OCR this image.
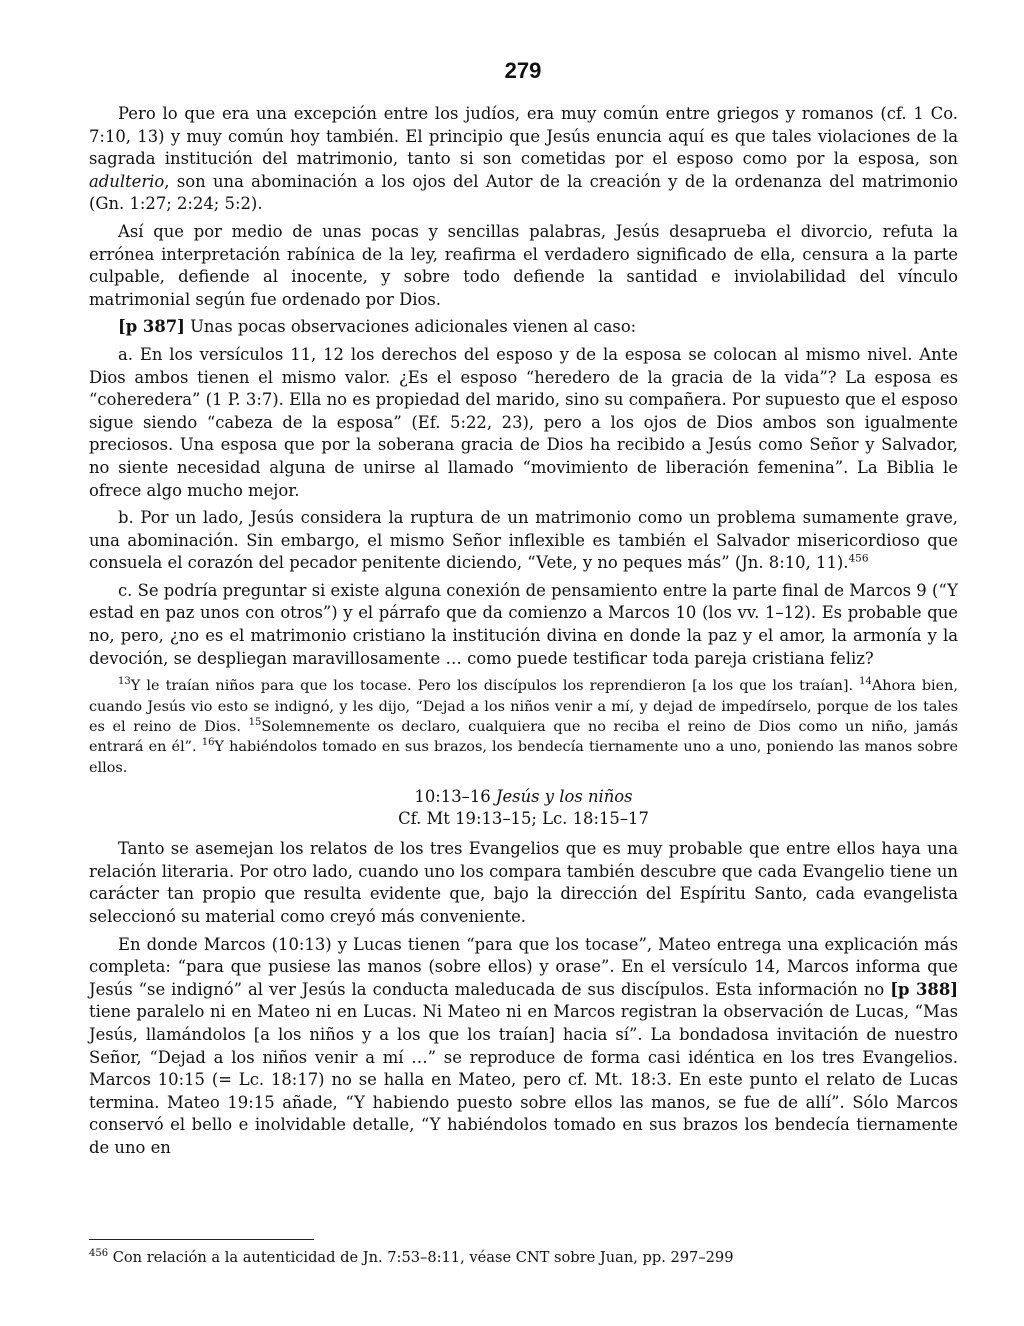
279

Pero lo que era una excepción entre los judíos, era muy común entre griegos y romanos (cf. 1 Co. 7:10, 13) y muy común hoy también. El principio que Jesús enuncia aquí es que tales violaciones de la sagrada institución del matrimonio, tanto si son cometidas por el esposo como por la esposa, son adulterio, son una abominación a los ojos del Autor de la creación y de la ordenanza del matrimonio (Gn. 1:27; 2:24; 5:2).

Así que por medio de unas pocas y sencillas palabras, Jesús desaprueba el divorcio, refuta la errónea interpretación rabínica de la ley, reafirma el verdadero significado de ella, censura a la parte culpable, defiende al inocente, y sobre todo defiende la santidad e inviolabilidad del vínculo matrimonial según fue ordenado por Dios.

[p 387] Unas pocas observaciones adicionales vienen al caso:

a. En los versículos 11, 12 los derechos del esposo y de la esposa se colocan al mismo nivel. Ante Dios ambos tienen el mismo valor. ¿Es el esposo “heredero de la gracia de la vida”? La esposa es “coheredera” (1 P. 3:7). Ella no es propiedad del marido, sino su compañera. Por supuesto que el esposo sigue siendo “cabeza de la esposa” (Ef. 5:22, 23), pero a los ojos de Dios ambos son igualmente preciosos. Una esposa que por la soberana gracia de Dios ha recibido a Jesús como Señor y Salvador, no siente necesidad alguna de unirse al llamado “movimiento de liberación femenina”. La Biblia le ofrece algo mucho mejor.

b. Por un lado, Jesús considera la ruptura de un matrimonio como un problema sumamente grave, una abominación. Sin embargo, el mismo Señor inflexible es también el Salvador misericordioso que consuela el corazón del pecador penitente diciendo, “Vete, y no peques más” (Jn. 8:10, 11).$^{456}$

c. Se podría preguntar si existe alguna conexión de pensamiento entre la parte final de Marcos 9 (“Y estad en paz unos con otros”) y el párrafo que da comienzo a Marcos 10 (los vv. 1–12). Es probable que no, pero, ¿no es el matrimonio cristiano la institución divina en donde la paz y el amor, la armonía y la devoción, se despliegan maravillosamente … como puede testificar toda pareja cristiana feliz?

$^{13}$Y le traían niños para que los tocase. Pero los discípulos los reprendieron [a los que los traían]. $^{14}$Ahora bien, cuando Jesús vio esto se indignó, y les dijo, “Dejad a los niños venir a mí, y dejad de impedírselo, porque de los tales es el reino de Dios. $^{15}$Solemnemente os declaro, cualquiera que no reciba el reino de Dios como un niño, jamás entrará en él”. $^{16}$Y habiéndolos tomado en sus brazos, los bendecía tiernamente uno a uno, poniendo las manos sobre ellos.

10:13–16 Jesús y los niños
Cf. Mt 19:13–15; Lc. 18:15–17

Tanto se asemejan los relatos de los tres Evangelios que es muy probable que entre ellos haya una relación literaria. Por otro lado, cuando uno los compara también descubre que cada Evangelio tiene un carácter tan propio que resulta evidente que, bajo la dirección del Espíritu Santo, cada evangelista seleccionó su material como creyó más conveniente.

En donde Marcos (10:13) y Lucas tienen “para que los tocase”, Mateo entrega una explicación más completa: “para que pusiese las manos (sobre ellos) y orase”. En el versículo 14, Marcos informa que Jesús “se indignó” al ver Jesús la conducta maleducada de sus discípulos. Esta información no [p 388] tiene paralelo ni en Mateo ni en Lucas. Ni Mateo ni en Marcos registran la observación de Lucas, “Mas Jesús, llamándolos [a los niños y a los que los traían] hacia sí”. La bondadosa invitación de nuestro Señor, “Dejad a los niños venir a mí …” se reproduce de forma casi idéntica en los tres Evangelios. Marcos 10:15 (= Lc. 18:17) no se halla en Mateo, pero cf. Mt. 18:3. En este punto el relato de Lucas termina. Mateo 19:15 añade, “Y habiendo puesto sobre ellos las manos, se fue de allí”. Sólo Marcos conservó el bello e inolvidable detalle, “Y habiéndolos tomado en sus brazos los bendecía tiernamente de uno en

$^{456}$ Con relación a la autenticidad de Jn. 7:53–8:11, véase CNT sobre Juan, pp. 297–299
